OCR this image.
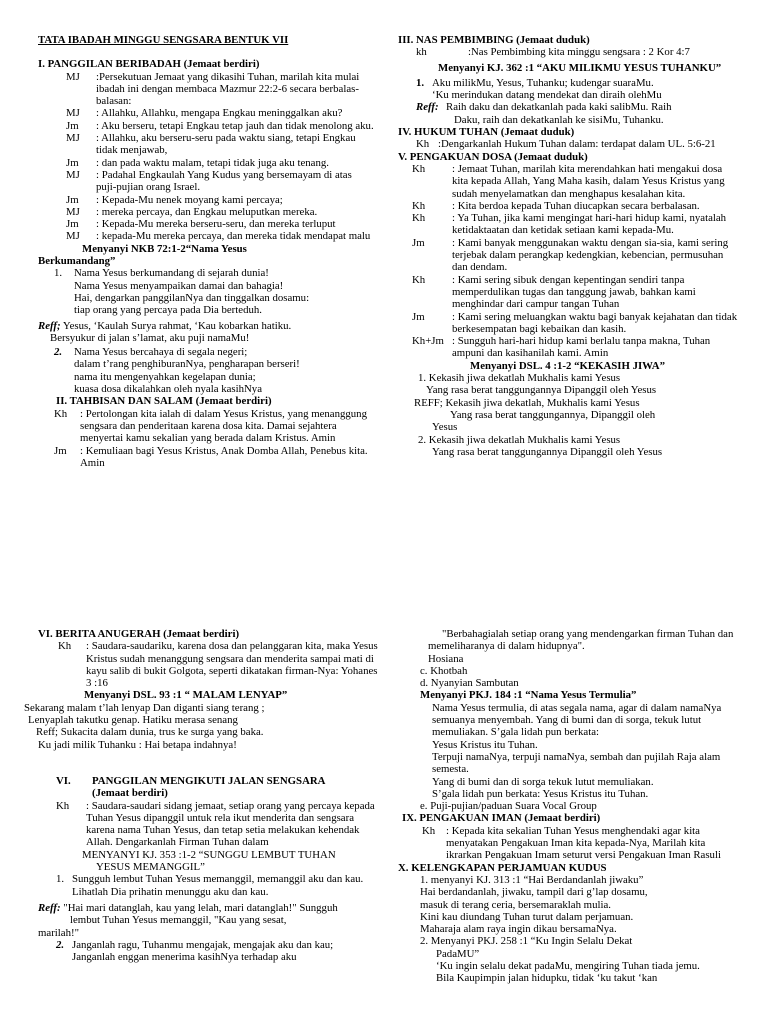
TATA IBADAH MINGGU SENGSARA BENTUK VII
I. PANGGILAN BERIBADAH (Jemaat berdiri)
MJ	:Persekutuan Jemaat yang dikasihi Tuhan, marilah kita mulai ibadah ini dengan membaca Mazmur 22:2-6 secara berbalas-balasan:
MJ	: Allahku, Allahku, mengapa Engkau meninggalkan aku?
Jm	: Aku berseru, tetapi Engkau tetap jauh dan tidak menolong aku.
MJ	: Allahku, aku berseru-seru pada waktu siang, tetapi Engkau tidak menjawab,
Jm	: dan pada waktu malam, tetapi tidak juga aku tenang.
MJ	: Padahal Engkaulah Yang Kudus yang bersemayam di atas puji-pujian orang Israel.
Jm	: Kepada-Mu nenek moyang kami percaya;
MJ	: mereka percaya, dan Engkau meluputkan mereka.
Jm	: Kepada-Mu mereka berseru-seru, dan mereka terluput
MJ	: kepada-Mu mereka percaya, dan mereka tidak mendapat malu
Menyanyi NKB 72:1-2“Nama Yesus
Berkumandang”
1.	Nama Yesus berkumandang di sejarah dunia!
Nama Yesus menyampaikan damai dan bahagia!
Hai, dengarkan panggilanNya dan tinggalkan dosamu:
tiap orang yang percaya pada Dia berteduh.
Reff; Yesus, ‘Kaulah Surya rahmat, ‘Kau kobarkan hatiku.
Bersyukur di jalan s’lamat, aku puji namaMu!
2.	Nama Yesus bercahaya di segala negeri;
dalam t’rang penghiburanNya, pengharapan berseri!
nama itu mengenyahkan kegelapan dunia;
kuasa dosa dikalahkan oleh nyala kasihNya
II. TAHBISAN DAN SALAM (Jemaat berdiri)
Kh	: Pertolongan kita ialah di dalam Yesus Kristus, yang menanggung sengsara dan penderitaan karena dosa kita. Damai sejahtera menyertai kamu sekalian yang berada dalam Kristus. Amin
Jm	: Kemuliaan bagi Yesus Kristus, Anak Domba Allah, Penebus kita. Amin
III. NAS PEMBIMBING (Jemaat duduk)
kh	:Nas Pembimbing kita minggu sengsara : 2 Kor 4:7
Menyanyi KJ. 362 :1 “AKU MILIKMU YESUS TUHANKU”
1. Aku milikMu, Yesus, Tuhanku; kudengar suaraMu.
‘Ku merindukan datang mendekat dan diraih olehMu
Reff: Raih daku dan dekatkanlah pada kaki salibMu. Raih
Daku, raih dan dekatkanlah ke sisiMu, Tuhanku.
IV. HUKUM TUHAN (Jemaat duduk)
Kh :Dengarkanlah Hukum Tuhan dalam: terdapat dalam UL. 5:6-21
V. PENGAKUAN DOSA (Jemaat duduk)
Kh	: Jemaat Tuhan, marilah kita merendahkan hati mengakui dosa kita kepada Allah, Yang Maha kasih, dalam Yesus Kristus yang sudah menyelamatkan dan menghapus kesalahan kita.
Kh	: Kita berdoa kepada Tuhan diucapkan secara berbalasan.
Kh	: Ya Tuhan, jika kami mengingat hari-hari hidup kami, nyatalah ketidaktaatan dan ketidak setiaan kami kepada-Mu.
Jm	: Kami banyak menggunakan waktu dengan sia-sia, kami sering terjebak dalam perangkap kedengkian, kebencian, permusuhan dan dendam.
Kh	: Kami sering sibuk dengan kepentingan sendiri tanpa memperdulikan tugas dan tanggung jawab, bahkan kami menghindar dari campur tangan Tuhan
Jm	: Kami sering meluangkan waktu bagi banyak kejahatan dan tidak berkesempatan bagi kebaikan dan kasih.
Kh+Jm : Sungguh hari-hari hidup kami berlalu tanpa makna, Tuhan ampuni dan kasihanilah kami. Amin
Menyanyi DSL. 4 :1-2 “KEKASIH JIWA”
1. Kekasih jiwa dekatlah Mukhalis kami Yesus
Yang rasa berat tanggungannya Dipanggil oleh Yesus
REFF; Kekasih jiwa dekatlah, Mukhalis kami Yesus
Yang rasa berat tanggungannya, Dipanggil oleh
Yesus
2. Kekasih jiwa dekatlah Mukhalis kami Yesus
Yang rasa berat tanggungannya Dipanggil oleh Yesus
VI. BERITA ANUGERAH (Jemaat berdiri)
Kh	: Saudara-saudariku, karena dosa dan pelanggaran kita, maka Yesus Kristus sudah menanggung sengsara dan menderita sampai mati di kayu salib di bukit Golgota, seperti dikatakan firman-Nya: Yohanes 3 :16
Menyanyi DSL. 93 :1 “ MALAM LENYAP”
Sekarang malam t’lah lenyap Dan diganti siang terang ;
Lenyaplah takutku genap. Hatiku merasa senang
Reff; Sukacita dalam dunia, trus ke surga yang baka.
Ku jadi milik Tuhanku : Hai betapa indahnya!
VI.	PANGGILAN MENGIKUTI JALAN SENGSARA
(Jemaat berdiri)
Kh	: Saudara-saudari sidang jemaat, setiap orang yang percaya kepada Tuhan Yesus dipanggil untuk rela ikut menderita dan sengsara karena nama Tuhan Yesus, dan tetap setia melakukan kehendak Allah. Dengarkanlah Firman Tuhan dalam
MENYANYI KJ. 353 :1-2 “SUNGGU LEMBUT TUHAN
YESUS MEMANGGIL”
1. Sungguh lembut Tuhan Yesus memanggil, memanggil aku dan kau. Lihatlah Dia prihatin menunggu aku dan kau.
Reff: "Hai mari datanglah, kau yang lelah, mari datanglah!" Sungguh
lembut Tuhan Yesus memanggil, "Kau yang sesat,
marilah!"
2. Janganlah ragu, Tuhanmu mengajak, mengajak aku dan kau;
Janganlah enggan menerima kasihNya terhadap aku
"Berbahagialah setiap orang yang mendengarkan firman Tuhan dan memeliharanya di dalam hidupnya".
Hosiana
c. Khotbah
d. Nyanyian Sambutan
Menyanyi PKJ. 184 :1 “Nama Yesus Termulia”
Nama Yesus termulia, di atas segala nama, agar di dalam namaNya
semuanya menyembah. Yang di bumi dan di sorga, tekuk lutut memuliakan. S’gala lidah pun berkata:
Yesus Kristus itu Tuhan.
Terpuji namaNya, terpuji namaNya, sembah dan pujilah Raja alam semesta.
Yang di bumi dan di sorga tekuk lutut memuliakan.
S’gala lidah pun berkata: Yesus Kristus itu Tuhan.
e. Puji-pujian/paduan Suara Vocal Group
IX. PENGAKUAN IMAN (Jemaat berdiri)
Kh : Kepada kita sekalian Tuhan Yesus menghendaki agar kita menyatakan Pengakuan Iman kita kepada-Nya, Marilah kita ikrarkan Pengakuan Imam seturut versi Pengakuan Iman Rasuli
X. KELENGKAPAN PERJAMUAN KUDUS
1. menyanyi KJ. 313 :1 “Hai Berdandanlah jiwaku”
Hai berdandanlah, jiwaku, tampil dari g’lap dosamu,
masuk di terang ceria, bersemaraklah mulia.
Kini kau diundang Tuhan turut dalam perjamuan.
Maharaja alam raya ingin dikau bersamaNya.
2. Menyanyi PKJ. 258 :1 “Ku Ingin Selalu Dekat
PadaMU”
‘Ku ingin selalu dekat padaMu, mengiring Tuhan tiada jemu.
Bila Kaupimpin jalan hidupku, tidak ‘ku takut ‘kan
